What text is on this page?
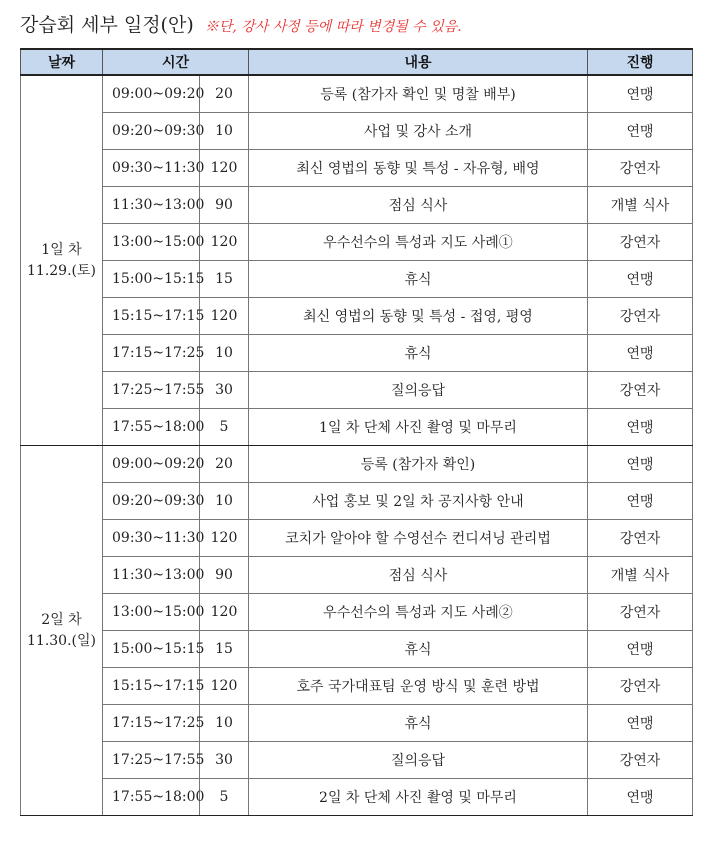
강습회 세부 일정(안) ※단, 강사 사정 등에 따라 변경될 수 있음.
날짜	시간		내용	진행

1일 차
11.29.(토)	09:00~09:20	20	등록 (참가자 확인 및 명찰 배부)	연맹
	09:20~09:30	10	사업 및 강사 소개	연맹
	09:30~11:30	120	최신 영법의 동향 및 특성 - 자유형, 배영	강연자
	11:30~13:00	90	점심 식사	개별 식사
	13:00~15:00	120	우수선수의 특성과 지도 사례①	강연자
	15:00~15:15	15	휴식	연맹
	15:15~17:15	120	최신 영법의 동향 및 특성 - 접영, 평영	강연자
	17:15~17:25	10	휴식	연맹
	17:25~17:55	30	질의응답	강연자
	17:55~18:00	5	1일 차 단체 사진 촬영 및 마무리	연맹

2일 차
11.30.(일)	09:00~09:20	20	등록 (참가자 확인)	연맹
	09:20~09:30	10	사업 홍보 및 2일 차 공지사항 안내	연맹
	09:30~11:30	120	코치가 알아야 할 수영선수 컨디셔닝 관리법	강연자
	11:30~13:00	90	점심 식사	개별 식사
	13:00~15:00	120	우수선수의 특성과 지도 사례②	강연자
	15:00~15:15	15	휴식	연맹
	15:15~17:15	120	호주 국가대표팀 운영 방식 및 훈련 방법	강연자
	17:15~17:25	10	휴식	연맹
	17:25~17:55	30	질의응답	강연자
	17:55~18:00	5	2일 차 단체 사진 촬영 및 마무리	연맹
